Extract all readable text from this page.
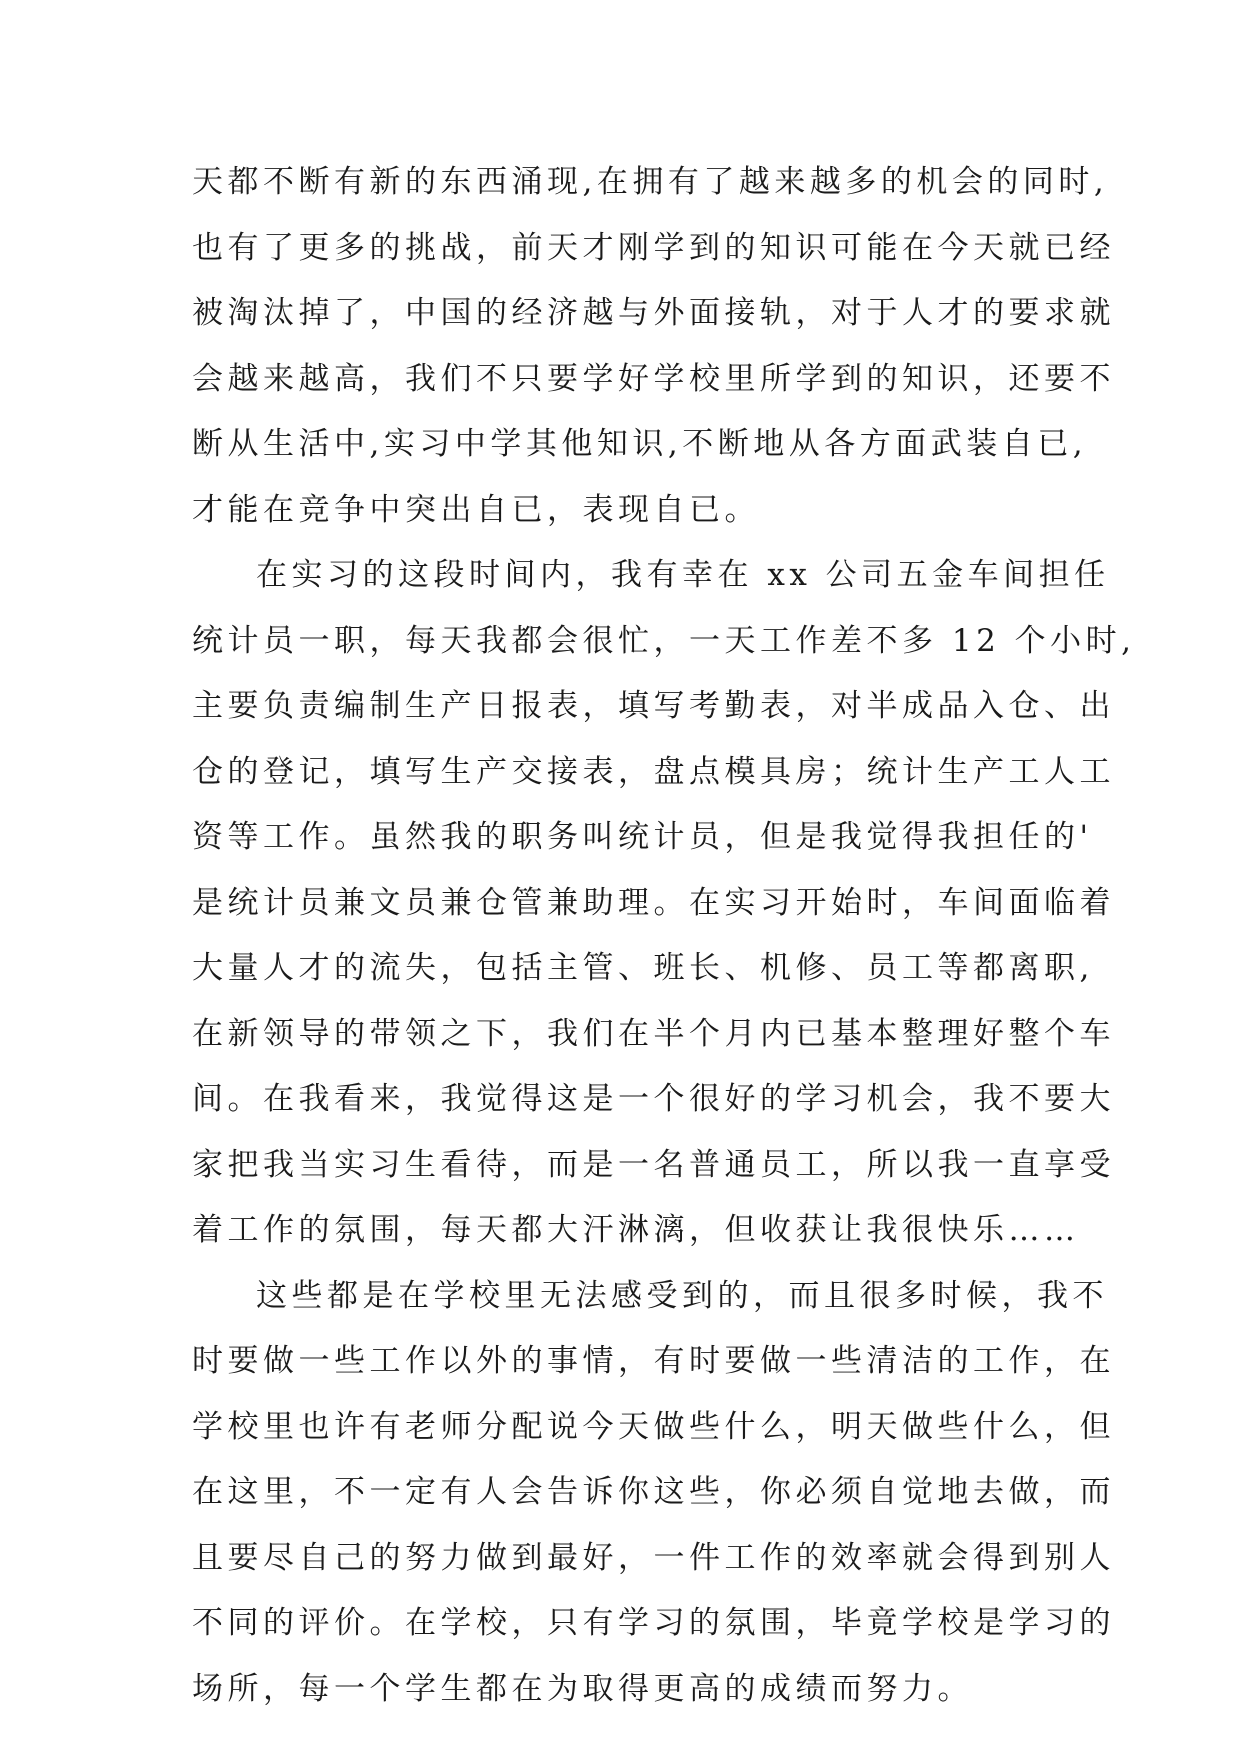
天都不断有新的东西涌现,在拥有了越来越多的机会的同时,
也有了更多的挑战，前天才刚学到的知识可能在今天就已经
被淘汰掉了，中国的经济越与外面接轨，对于人才的要求就
会越来越高，我们不只要学好学校里所学到的知识，还要不
断从生活中,实习中学其他知识,不断地从各方面武装自已,
才能在竞争中突出自已，表现自已。
在实习的这段时间内，我有幸在 xx 公司五金车间担任
统计员一职，每天我都会很忙，一天工作差不多 12 个小时,
主要负责编制生产日报表，填写考勤表，对半成品入仓、出
仓的登记，填写生产交接表，盘点模具房；统计生产工人工
资等工作。虽然我的职务叫统计员，但是我觉得我担任的'
是统计员兼文员兼仓管兼助理。在实习开始时，车间面临着
大量人才的流失，包括主管、班长、机修、员工等都离职,
在新领导的带领之下，我们在半个月内已基本整理好整个车
间。在我看来，我觉得这是一个很好的学习机会，我不要大
家把我当实习生看待，而是一名普通员工，所以我一直享受
着工作的氛围，每天都大汗淋漓，但收获让我很快乐……
这些都是在学校里无法感受到的，而且很多时候，我不
时要做一些工作以外的事情，有时要做一些清洁的工作，在
学校里也许有老师分配说今天做些什么，明天做些什么，但
在这里，不一定有人会告诉你这些，你必须自觉地去做，而
且要尽自己的努力做到最好，一件工作的效率就会得到别人
不同的评价。在学校，只有学习的氛围，毕竟学校是学习的
场所，每一个学生都在为取得更高的成绩而努力。
